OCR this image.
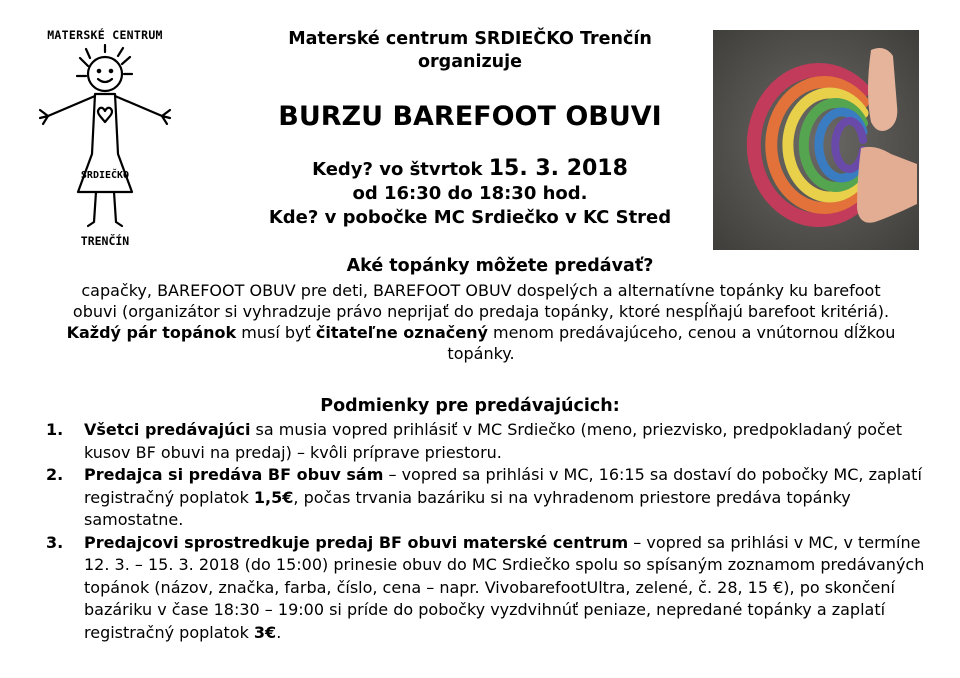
MATERSKÉ CENTRUM
SRDIEČKO
TRENČÍN
Materské centrum SRDIEČKO Trenčín
organizuje
BURZU BAREFOOT OBUVI
Kedy? vo štvrtok 15. 3. 2018
od 16:30 do 18:30 hod.
Kde? v pobočke MC Srdiečko v KC Stred
Aké topánky môžete predávať?
capačky, BAREFOOT OBUV pre deti, BAREFOOT OBUV dospelých a alternatívne topánky ku barefoot obuvi (organizátor si vyhradzuje právo neprijať do predaja topánky, ktoré nespĺňajú barefoot kritériá). Každý pár topánok musí byť čitateľne označený menom predávajúceho, cenou a vnútornou dĺžkou topánky.
Podmienky pre predávajúcich:
1. Všetci predávajúci sa musia vopred prihlásiť v MC Srdiečko (meno, priezvisko, predpokladaný počet kusov BF obuvi na predaj) – kvôli príprave priestoru.
2. Predajca si predáva BF obuv sám – vopred sa prihlási v MC, 16:15 sa dostaví do pobočky MC, zaplatí registračný poplatok 1,5€, počas trvania bazáriku si na vyhradenom priestore predáva topánky samostatne.
3. Predajcovi sprostredkuje predaj BF obuvi materské centrum – vopred sa prihlási v MC, v termíne 12. 3. – 15. 3. 2018 (do 15:00) prinesie obuv do MC Srdiečko spolu so spísaným zoznamom predávaných topánok (názov, značka, farba, číslo, cena – napr. VivobarefootUltra, zelené, č. 28, 15 €), po skončení bazáriku v čase 18:30 – 19:00 si príde do pobočky vyzdvihnúť peniaze, nepredané topánky a zaplatí registračný poplatok 3€.
